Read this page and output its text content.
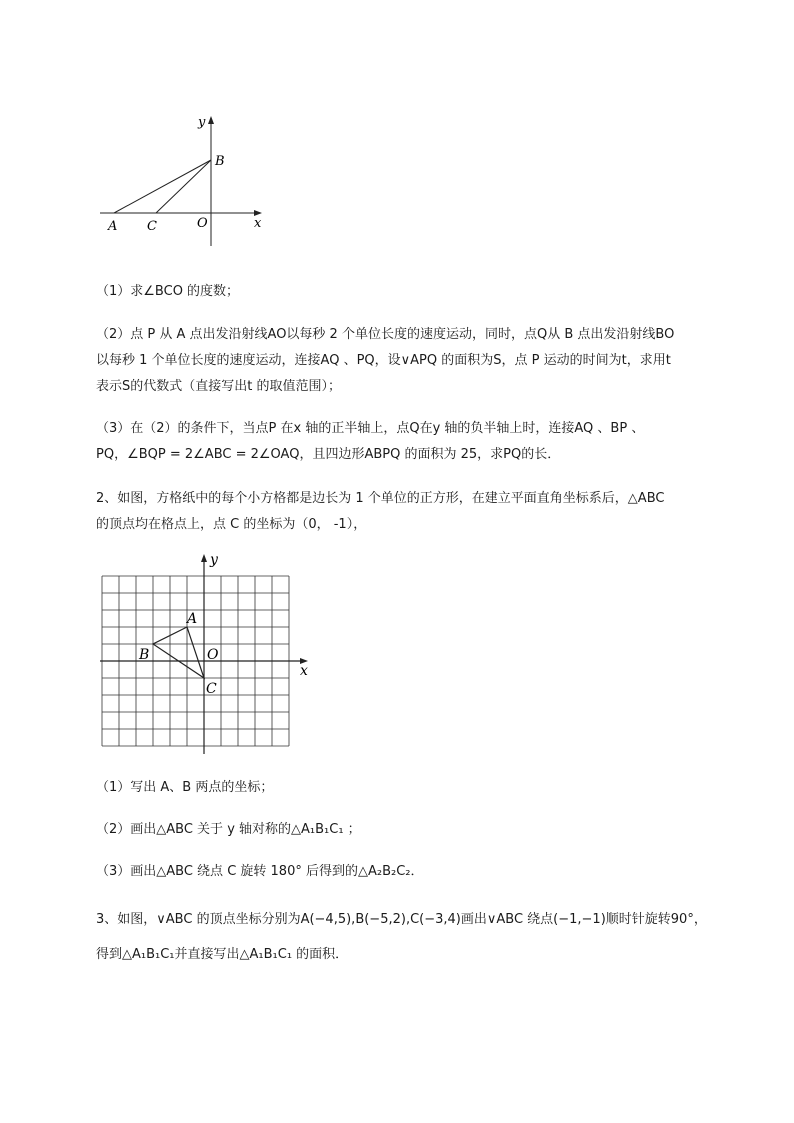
y
x
B
A C	O
（1）求∠BCO 的度数；
（2）点 P 从 A 点出发沿射线AO以每秒 2 个单位长度的速度运动，同时，点Q从 B 点出发沿射线BO
以每秒 1 个单位长度的速度运动，连接AQ 、PQ，设∨APQ 的面积为S，点 P 运动的时间为t，求用t
表示S的代数式（直接写出t 的取值范围）；
（3）在（2）的条件下，当点P 在x 轴的正半轴上，点Q在y 轴的负半轴上时，连接AQ 、BP 、
PQ，∠BQP = 2∠ABC = 2∠OAQ，且四边形ABPQ 的面积为 25，求PQ的长．
2、如图，方格纸中的每个小方格都是边长为 1 个单位的正方形，在建立平面直角坐标系后，△ABC
的顶点均在格点上，点 C 的坐标为（0， -1），
y
x
A
B	O
C
（1）写出 A、B 两点的坐标；
（2）画出△ABC 关于 y 轴对称的△A₁B₁C₁ ；
（3）画出△ABC 绕点 C 旋转 180° 后得到的△A₂B₂C₂．
3、如图，∨ABC 的顶点坐标分别为A(−4,5),B(−5,2),C(−3,4)画出∨ABC 绕点(−1,−1)顺时针旋转90°，
得到△A₁B₁C₁并直接写出△A₁B₁C₁ 的面积．
